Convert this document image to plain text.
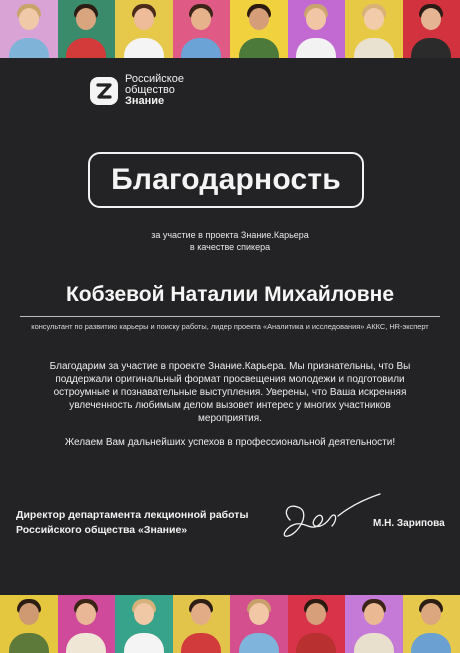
Российское
общество
Знание
Благодарность
за участие в проекта Знание.Карьера
в качестве спикера
Кобзевой Наталии Михайловне
консультант по развитию карьеры и поиску работы, лидер проекта «Аналитика и исследования» АККС, HR-эксперт
Благодарим за участие в проекте Знание.Карьера. Мы признательны, что Вы поддержали оригинальный формат просвещения молодежи и подготовили остроумные и познавательные выступления. Уверены, что Ваша искренняя увлеченность любимым делом вызовет интерес у многих участников мероприятия.
Желаем Вам дальнейших успехов в профессиональной деятельности!
Директор департамента лекционной работы
Российского общества «Знание»
М.Н. Зарипова
